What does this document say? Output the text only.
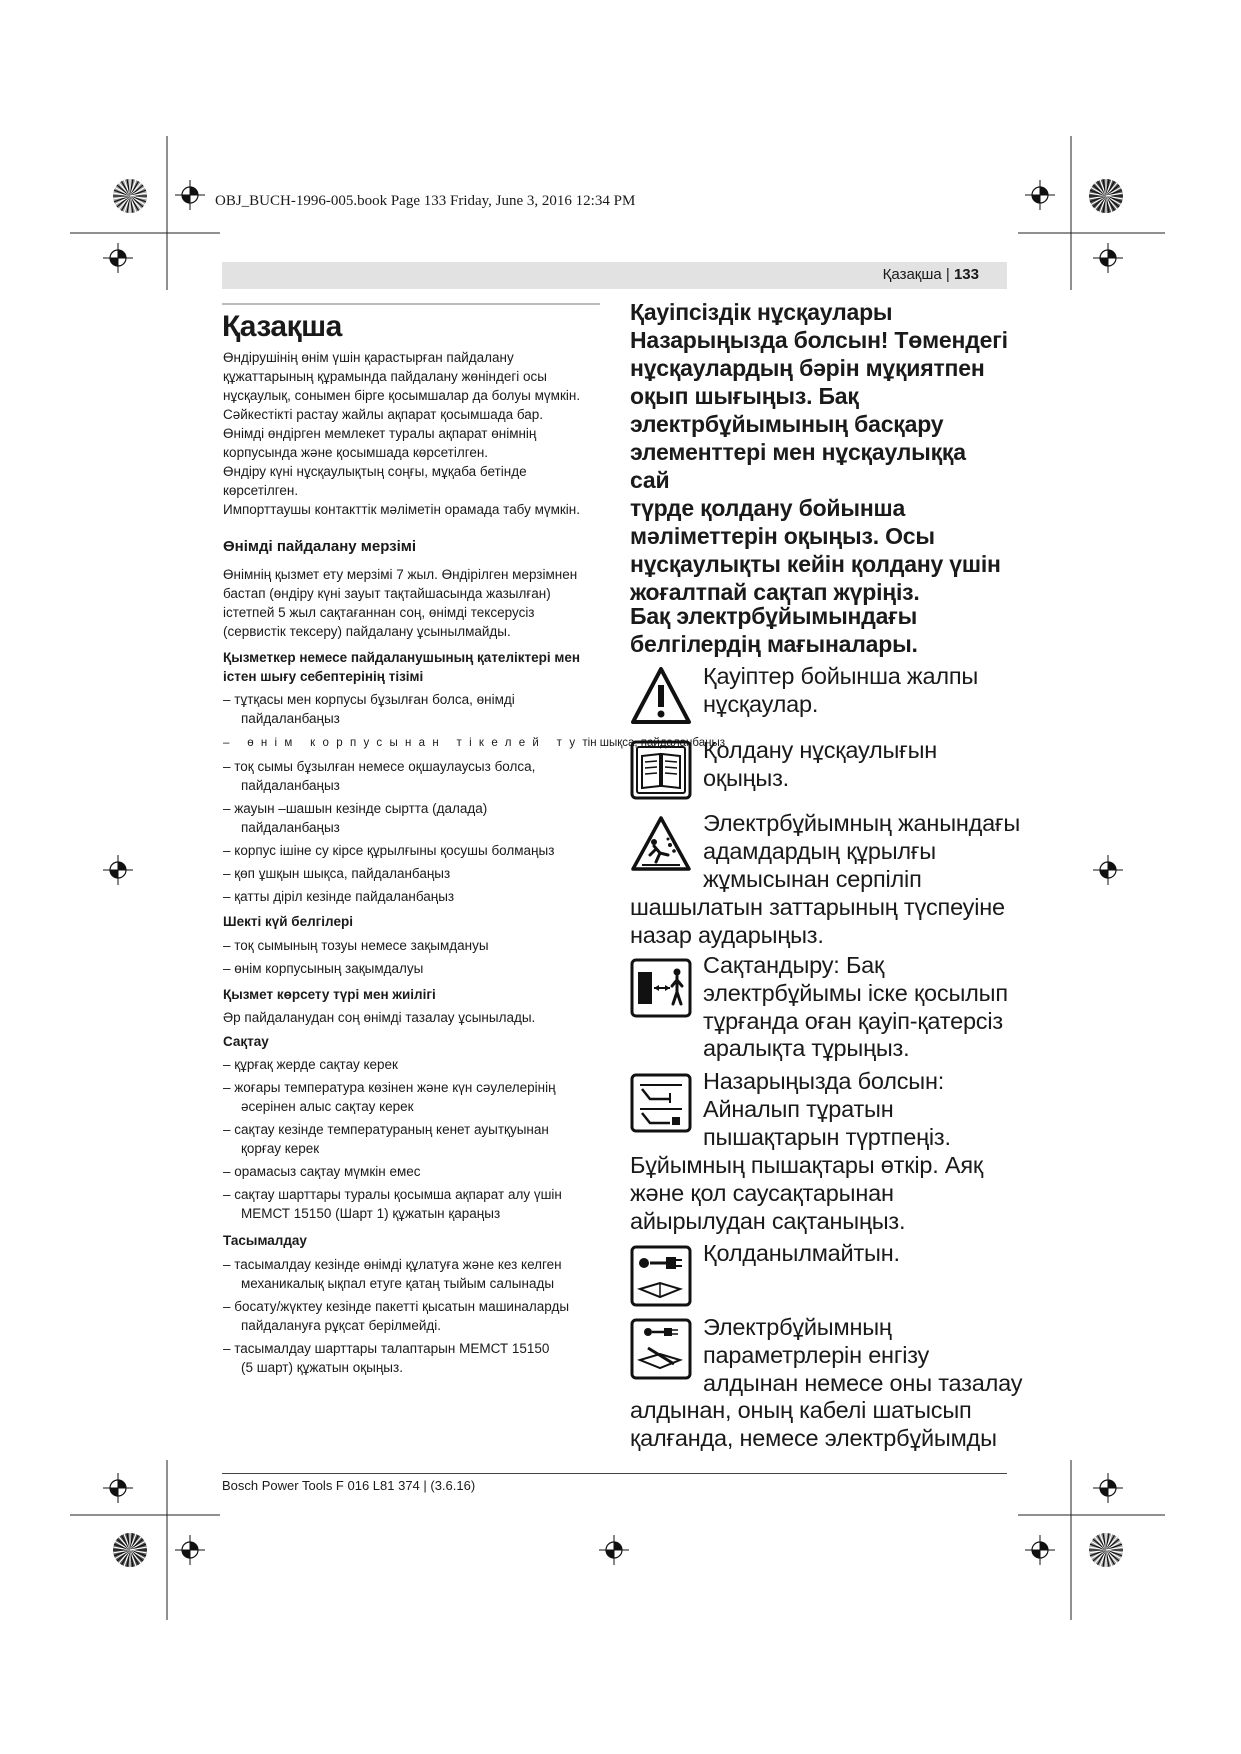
OBJ_BUCH-1996-005.book Page 133 Friday, June 3, 2016 12:34 PM
Қазақша | 133
Қазақша
Өндірушінің өнім үшін қарастырған пайдалану
құжаттарының құрамында пайдалану жөніндегі осы
нұсқаулық, сонымен бірге қосымшалар да болуы мүмкін.
Сәйкестікті растау жайлы ақпарат қосымшада бар.
Өнімді өндірген мемлекет туралы ақпарат өнімнің
корпусында және қосымшада көрсетілген.
Өндіру күні нұсқаулықтың соңғы, мұқаба бетінде
көрсетілген.
Импорттаушы контакттік мәліметін орамада табу мүмкін.
Өнімді пайдалану мерзімі
Өнімнің қызмет ету мерзімі 7 жыл. Өндірілген мерзімнен
бастап (өндіру күні зауыт тақтайшасында жазылған)
істетпей 5 жыл сақтағаннан соң, өнімді тексерусіз
(сервистік тексеру) пайдалану ұсынылмайды.
Қызметкер немесе пайдаланушының қателіктері мен
істен шығу себептерінің тізімі
– тұтқасы мен корпусы бұзылған болса, өнімді
пайдаланбаңыз
– өнім корпусынан тікелей тутін шықса, пайдаланбаңыз
– тоқ сымы бұзылған немесе оқшаулаусыз болса,
пайдаланбаңыз
– жауын –шашын кезінде сыртта (далада)
пайдаланбаңыз
– корпус ішіне су кірсе құрылғыны қосушы болмаңыз
– қөп ұшқын шықса, пайдаланбаңыз
– қатты діріл кезінде пайдаланбаңыз
Шекті күй белгілері
– тоқ сымының тозуы немесе зақымдануы
– өнім корпусының зақымдалуы
Қызмет көрсету түрі мен жиілігі
Әр пайдаланудан соң өнімді тазалау ұсынылады.
Сақтау
– құрғақ жерде сақтау керек
– жоғары температура көзінен және күн сәулелерінің
әсерінен алыс сақтау керек
– сақтау кезінде температураның кенет ауытқуынан
қорғау керек
– орамасыз сақтау мүмкін емес
– сақтау шарттары туралы қосымша ақпарат алу үшін
МЕМСТ 15150 (Шарт 1) құжатын қараңыз
Тасымалдау
– тасымалдау кезінде өнімді құлатуға және кез келген
механикалық ықпал етуге қатаң тыйым салынады
– босату/жүктеу кезінде пакетті қысатын машиналарды
пайдалануға рұқсат берілмейді.
– тасымалдау шарттары талаптарын МЕМСТ 15150
(5 шарт) құжатын оқыңыз.
Қауіпсіздік нұсқаулары
Назарыңызда болсын! Төмендегі
нұсқаулардың бәрін мұқиятпен
оқып шығыңыз. Бақ
электрбұйымының басқару
элементтері мен нұсқаулыққа сай
түрде қолдану бойынша
мәліметтерін оқыңыз. Осы
нұсқаулықты кейін қолдану үшін
жоғалтпай сақтап жүріңіз.
Бақ электрбұйымындағы
белгілердің мағыналары.
Қауіптер бойынша жалпы
нұсқаулар.
Қолдану нұсқаулығын
оқыңыз.
Электрбұйымның жанындағы
адамдардың құрылғы
жұмысынан серпіліп
шашылатын заттарының түспеуіне
назар аударыңыз.
Сақтандыру: Бақ
электрбұйымы іске қосылып
тұрғанда оған қауіп-қатерсіз
аралықта тұрыңыз.
Назарыңызда болсын:
Айналып тұратын
пышақтарын түртпеңіз.
Бұйымның пышақтары өткір. Аяқ
және қол саусақтарынан
айырылудан сақтаныңыз.
Қолданылмайтын.
Электрбұйымның
параметрлерін енгізу
алдынан немесе оны тазалау
алдынан, оның кабелі шатысып
қалғанда, немесе электрбұйымды
Bosch Power Tools F 016 L81 374 | (3.6.16)
